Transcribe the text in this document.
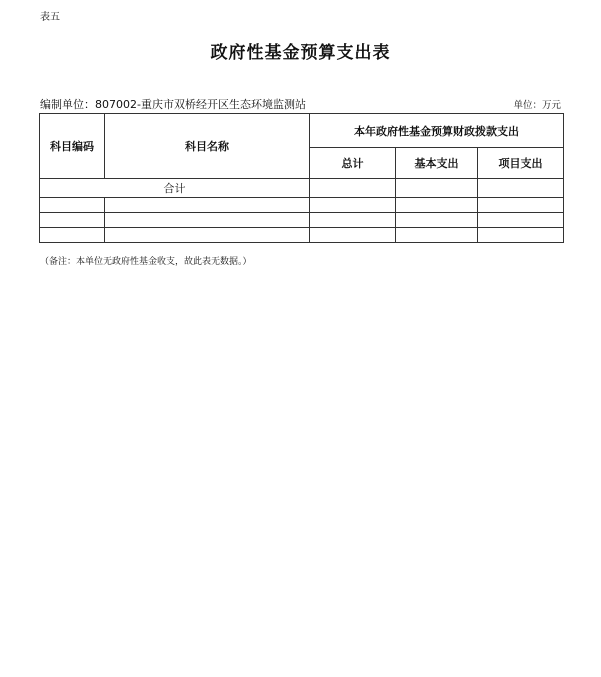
表五
政府性基金预算支出表
编制单位：807002-重庆市双桥经开区生态环境监测站	单位：万元
科目编码	科目名称	本年政府性基金预算财政拨款支出		
		总计	基本支出	项目支出
合计				

（备注：本单位无政府性基金收支，故此表无数据。）
